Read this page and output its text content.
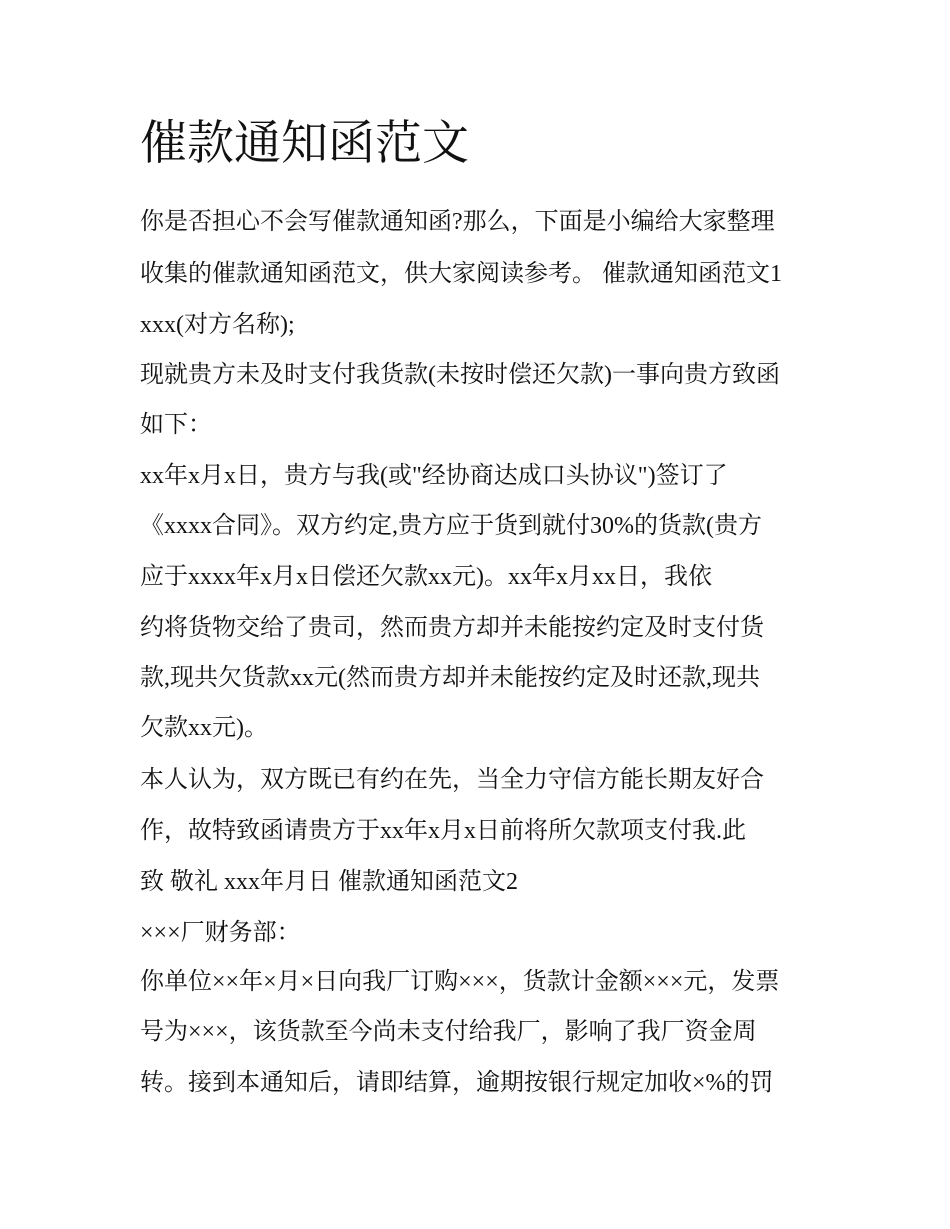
催款通知函范文
你是否担心不会写催款通知函?那么，下面是小编给大家整理
收集的催款通知函范文，供大家阅读参考。 催款通知函范文1
xxx(对方名称);
现就贵方未及时支付我货款(未按时偿还欠款)一事向贵方致函
如下：
xx年x月x日，贵方与我(或"经协商达成口头协议")签订了
《xxxx合同》。双方约定,贵方应于货到就付30%的货款(贵方
应于xxxx年x月x日偿还欠款xx元)。xx年x月xx日，我依
约将货物交给了贵司，然而贵方却并未能按约定及时支付货
款,现共欠货款xx元(然而贵方却并未能按约定及时还款,现共
欠款xx元)。
本人认为，双方既已有约在先，当全力守信方能长期友好合
作，故特致函请贵方于xx年x月x日前将所欠款项支付我.此
致 敬礼 xxx年月日 催款通知函范文2
×××厂财务部：
你单位××年×月×日向我厂订购×××，货款计金额×××元，发票
号为×××，该货款至今尚未支付给我厂，影响了我厂资金周
转。接到本通知后，请即结算，逾期按银行规定加收×%的罚
